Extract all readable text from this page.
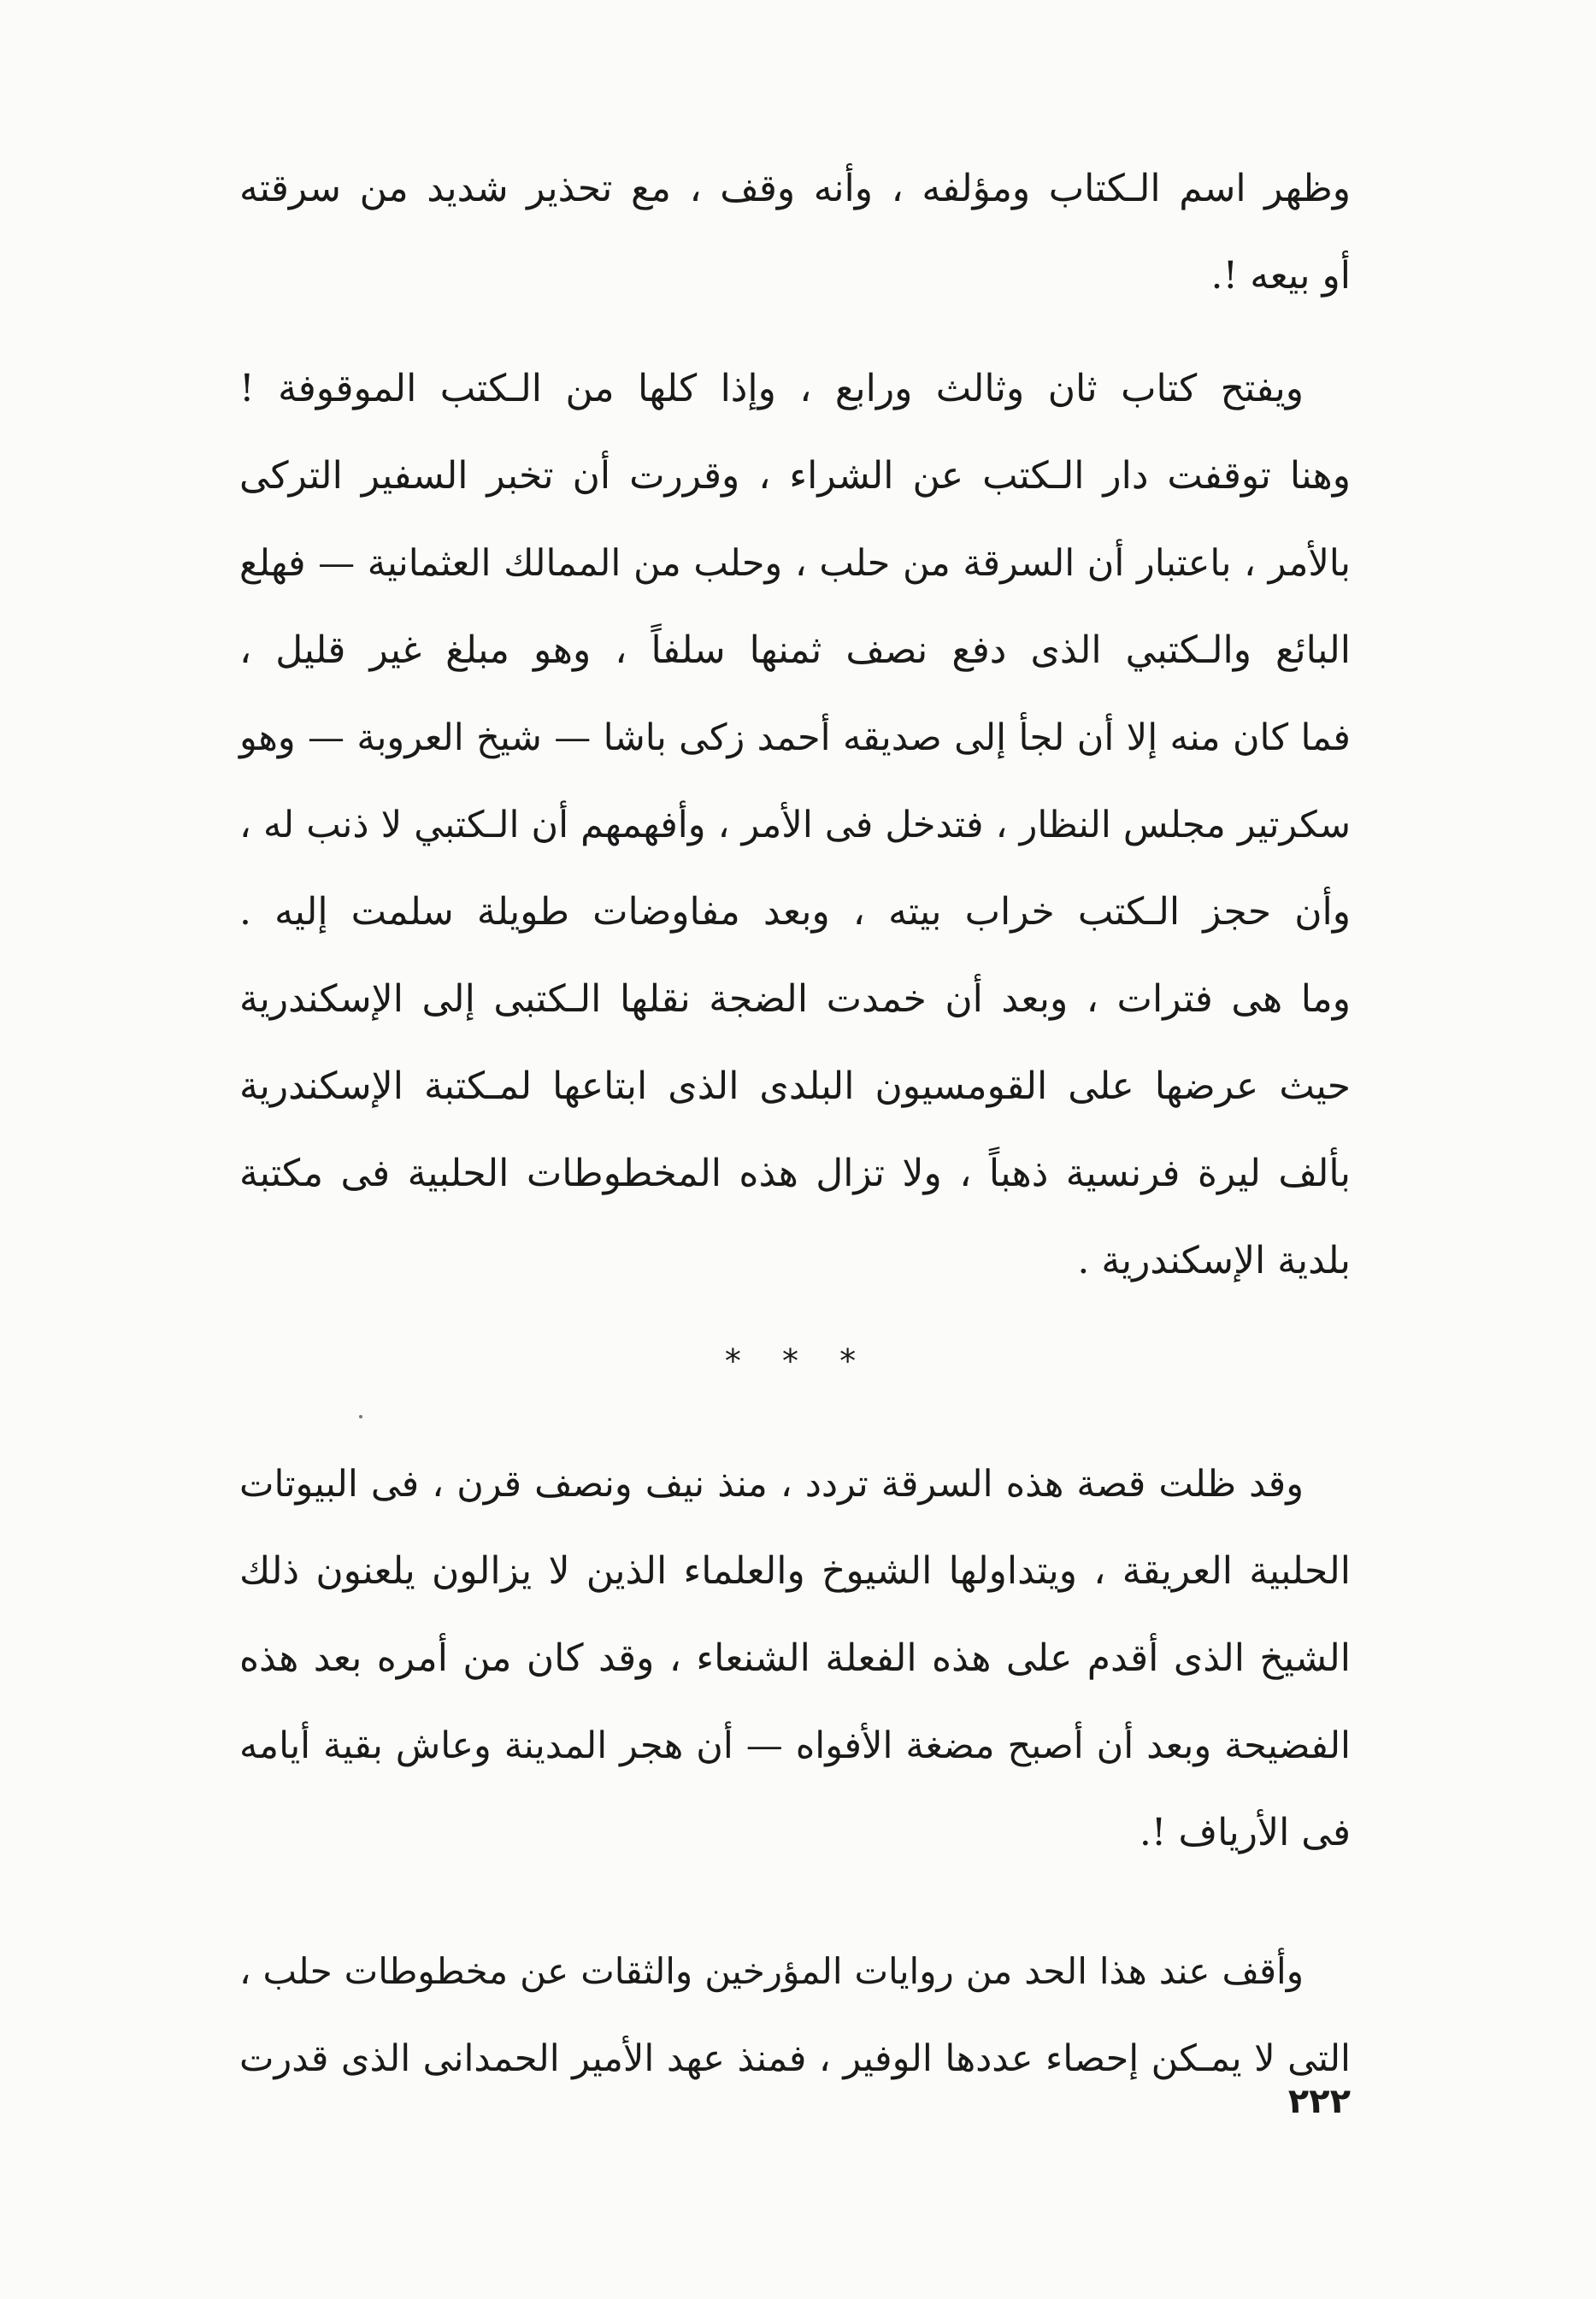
وظهر اسم الـكتاب ومؤلفه ، وأنه وقف ، مع تحذير شديد من سرقته
أو بيعه !.
ويفتح كتاب ثان وثالث ورابع ، وإذا كلها من الـكتب الموقوفة !
وهنا توقفت دار الـكتب عن الشراء ، وقررت أن تخبر السفير التركى
بالأمر ، باعتبار أن السرقة من حلب ، وحلب من الممالك العثمانية — فهلع
البائع والـكتبي الذى دفع نصف ثمنها سلفاً ، وهو مبلغ غير قليل ،
فما كان منه إلا أن لجأ إلى صديقه أحمد زكى باشا — شيخ العروبة — وهو
سكرتير مجلس النظار ، فتدخل فى الأمر ، وأفهمهم أن الـكتبي لا ذنب له ،
وأن حجز الـكتب خراب بيته ، وبعد مفاوضات طويلة سلمت إليه .
وما هى فترات ، وبعد أن خمدت الضجة نقلها الـكتبى إلى الإسكندرية
حيث عرضها على القومسيون البلدى الذى ابتاعها لمـكتبة الإسكندرية
بألف ليرة فرنسية ذهباً ، ولا تزال هذه المخطوطات الحلبية فى مكتبة
بلدية الإسكندرية .
* * *
وقد ظلت قصة هذه السرقة تردد ، منذ نيف ونصف قرن ، فى البيوتات
الحلبية العريقة ، ويتداولها الشيوخ والعلماء الذين لا يزالون يلعنون ذلك
الشيخ الذى أقدم على هذه الفعلة الشنعاء ، وقد كان من أمره بعد هذه
الفضيحة وبعد أن أصبح مضغة الأفواه — أن هجر المدينة وعاش بقية أيامه
فى الأرياف !.
وأقف عند هذا الحد من روايات المؤرخين والثقات عن مخطوطات حلب ،
التى لا يمـكن إحصاء عددها الوفير ، فمنذ عهد الأمير الحمدانى الذى قدرت
٢٢٢
